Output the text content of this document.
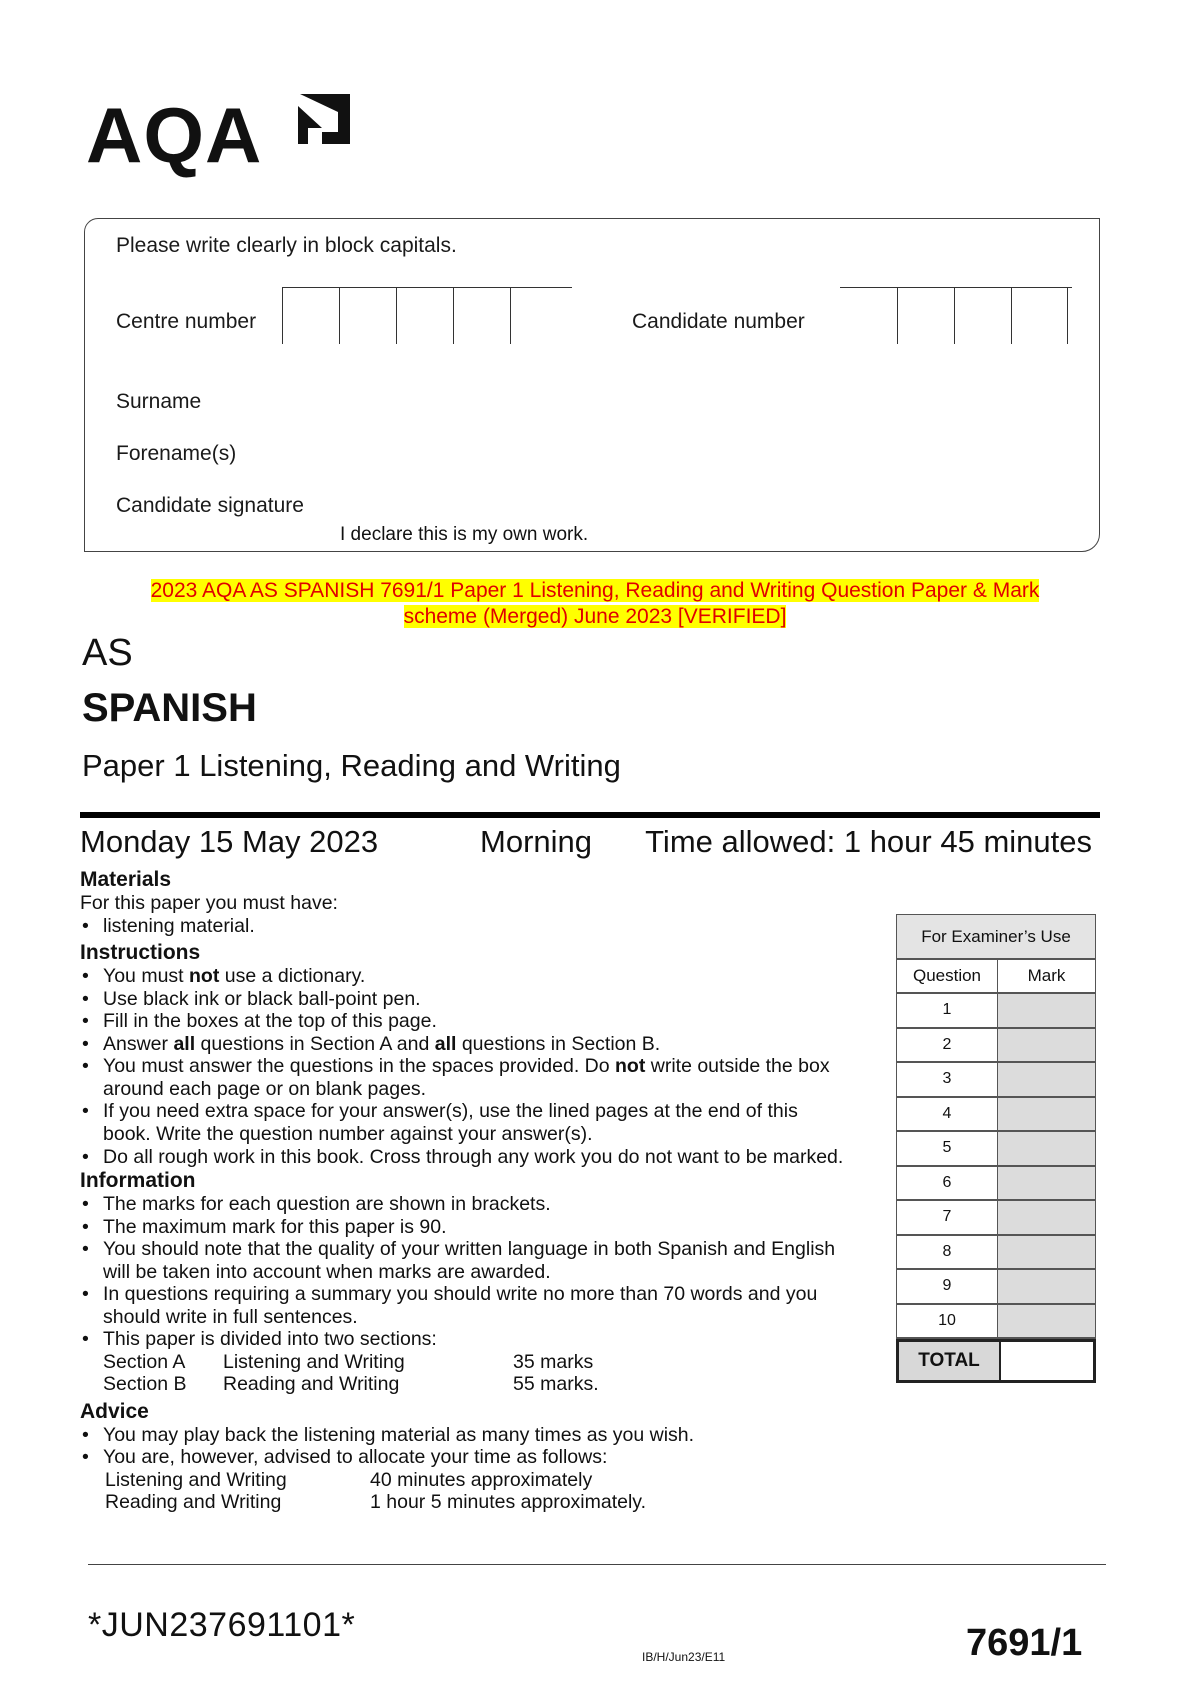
AQA
Please write clearly in block capitals.
Centre number	Candidate number
Surname
Forename(s)
Candidate signature
I declare this is my own work.
2023 AQA AS SPANISH 7691/1 Paper 1 Listening, Reading and Writing Question Paper & Mark
scheme (Merged) June 2023 [VERIFIED]
AS
SPANISH
Paper 1 Listening, Reading and Writing
Monday 15 May 2023	Morning Time allowed: 1 hour 45 minutes
Materials
For this paper you must have:
• listening material.
Instructions
• You must not use a dictionary.
• Use black ink or black ball-point pen.
• Fill in the boxes at the top of this page.
• Answer all questions in Section A and all questions in Section B.
• You must answer the questions in the spaces provided. Do not write outside the box around each page or on blank pages.
• If you need extra space for your answer(s), use the lined pages at the end of this book. Write the question number against your answer(s).
• Do all rough work in this book. Cross through any work you do not want to be marked.
Information
• The marks for each question are shown in brackets.
• The maximum mark for this paper is 90.
• You should note that the quality of your written language in both Spanish and English will be taken into account when marks are awarded.
• In questions requiring a summary you should write no more than 70 words and you should write in full sentences.
• This paper is divided into two sections:
Section A	Listening and Writing	35 marks
Section B	Reading and Writing	55 marks.
Advice
• You may play back the listening material as many times as you wish.
• You are, however, advised to allocate your time as follows:
Listening and Writing	40 minutes approximately
Reading and Writing	1 hour 5 minutes approximately.
For Examiner’s Use
Question	Mark
1
2
3
4
5
6
7
8
9
10
TOTAL
*JUN237691101*
IB/H/Jun23/E11	7691/1
